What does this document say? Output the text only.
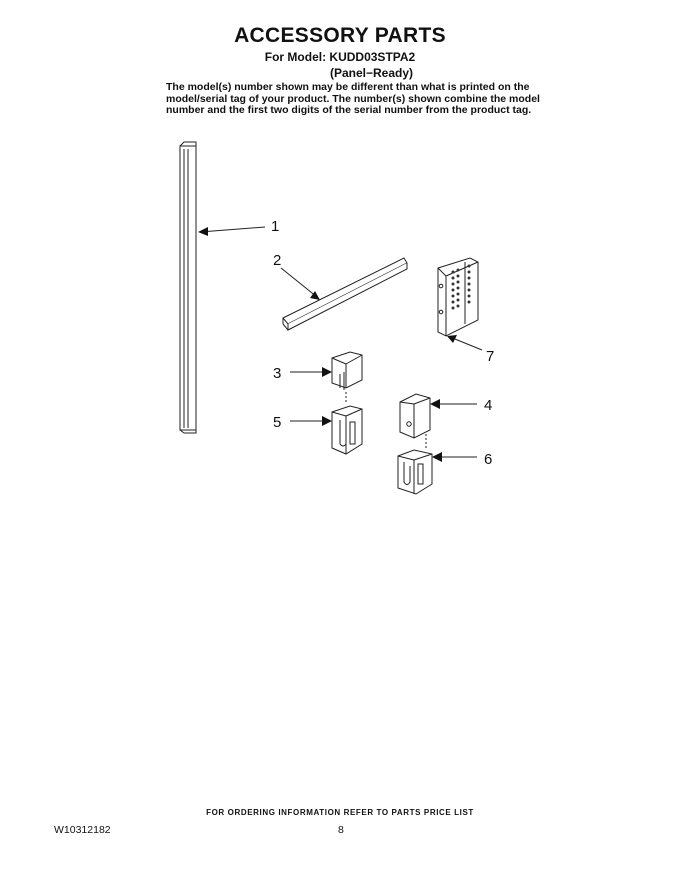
ACCESSORY PARTS
For Model: KUDD03STPA2
(Panel−Ready)
The model(s) number shown may be different than what is printed on the
model/serial tag of your product. The number(s) shown combine the model
number and the first two digits of the serial number from the product tag.
1
2
3
4
5
6
7
FOR ORDERING INFORMATION REFER TO PARTS PRICE LIST
W10312182	8
